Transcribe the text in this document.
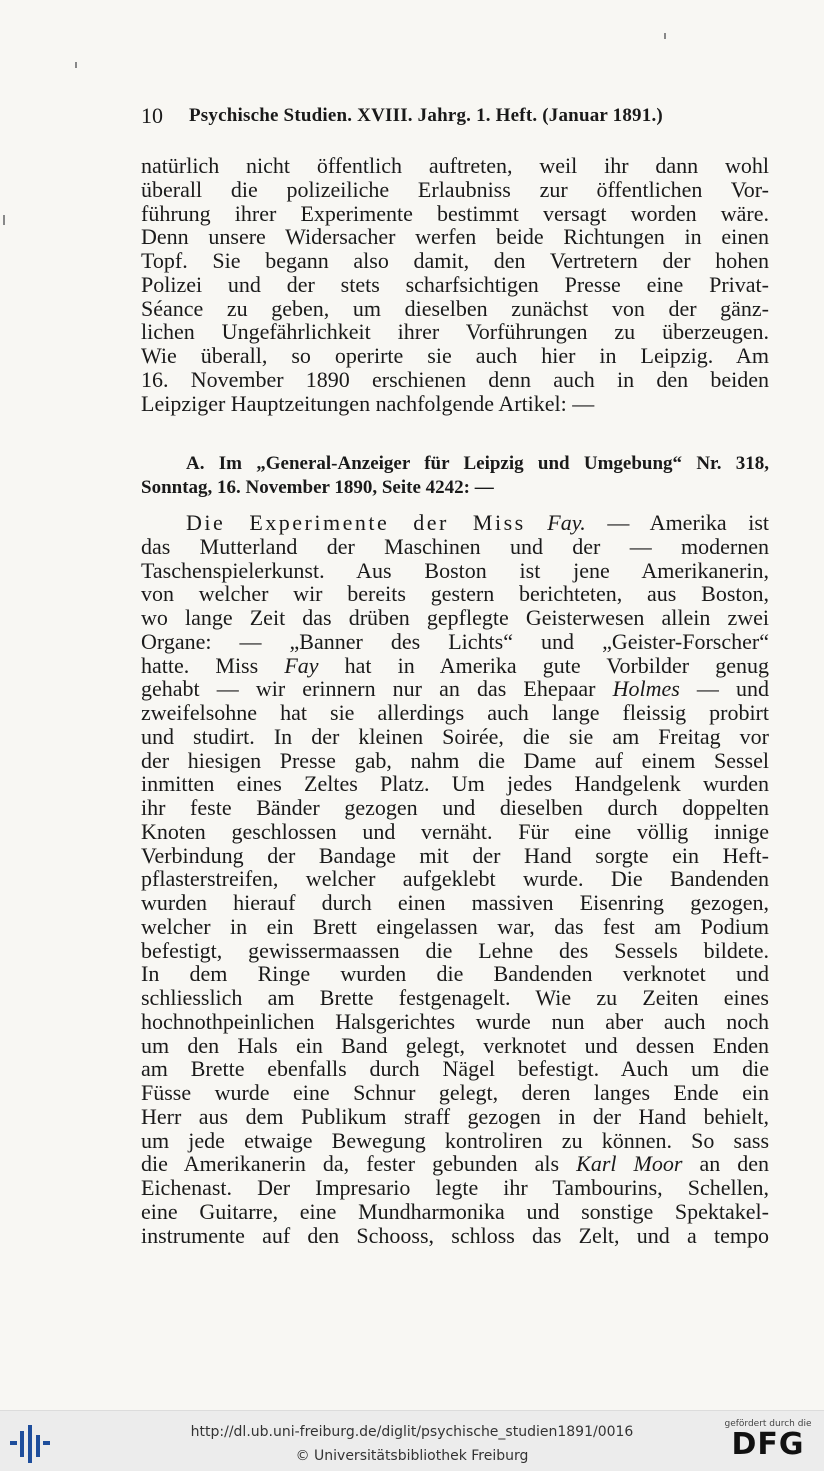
10	Psychische Studien. XVIII. Jahrg. 1. Heft. (Januar 1891.)
natürlich nicht öffentlich auftreten, weil ihr dann wohl
überall die polizeiliche Erlaubniss zur öffentlichen Vor-
führung ihrer Experimente bestimmt versagt worden wäre.
Denn unsere Widersacher werfen beide Richtungen in einen
Topf. Sie begann also damit, den Vertretern der hohen
Polizei und der stets scharfsichtigen Presse eine Privat-
Séance zu geben, um dieselben zunächst von der gänz-
lichen Ungefährlichkeit ihrer Vorführungen zu überzeugen.
Wie überall, so operirte sie auch hier in Leipzig. Am
16. November 1890 erschienen denn auch in den beiden
Leipziger Hauptzeitungen nachfolgende Artikel: —
A. Im „General-Anzeiger für Leipzig und Umgebung“ Nr. 318,
Sonntag, 16. November 1890, Seite 4242: —
Die Experimente der Miss Fay. — Amerika ist
das Mutterland der Maschinen und der — modernen
Taschenspielerkunst. Aus Boston ist jene Amerikanerin,
von welcher wir bereits gestern berichteten, aus Boston,
wo lange Zeit das drüben gepflegte Geisterwesen allein zwei
Organe: — „Banner des Lichts“ und „Geister-Forscher“
hatte. Miss Fay hat in Amerika gute Vorbilder genug
gehabt — wir erinnern nur an das Ehepaar Holmes — und
zweifelsohne hat sie allerdings auch lange fleissig probirt
und studirt. In der kleinen Soirée, die sie am Freitag vor
der hiesigen Presse gab, nahm die Dame auf einem Sessel
inmitten eines Zeltes Platz. Um jedes Handgelenk wurden
ihr feste Bänder gezogen und dieselben durch doppelten
Knoten geschlossen und vernäht. Für eine völlig innige
Verbindung der Bandage mit der Hand sorgte ein Heft-
pflasterstreifen, welcher aufgeklebt wurde. Die Bandenden
wurden hierauf durch einen massiven Eisenring gezogen,
welcher in ein Brett eingelassen war, das fest am Podium
befestigt, gewissermaassen die Lehne des Sessels bildete.
In dem Ringe wurden die Bandenden verknotet und
schliesslich am Brette festgenagelt. Wie zu Zeiten eines
hochnothpeinlichen Halsgerichtes wurde nun aber auch noch
um den Hals ein Band gelegt, verknotet und dessen Enden
am Brette ebenfalls durch Nägel befestigt. Auch um die
Füsse wurde eine Schnur gelegt, deren langes Ende ein
Herr aus dem Publikum straff gezogen in der Hand behielt,
um jede etwaige Bewegung kontroliren zu können. So sass
die Amerikanerin da, fester gebunden als Karl Moor an den
Eichenast. Der Impresario legte ihr Tambourins, Schellen,
eine Guitarre, eine Mundharmonika und sonstige Spektakel-
instrumente auf den Schooss, schloss das Zelt, und a tempo
http://dl.ub.uni-freiburg.de/diglit/psychische_studien1891/0016
© Universitätsbibliothek Freiburg
gefördert durch die
DFG
